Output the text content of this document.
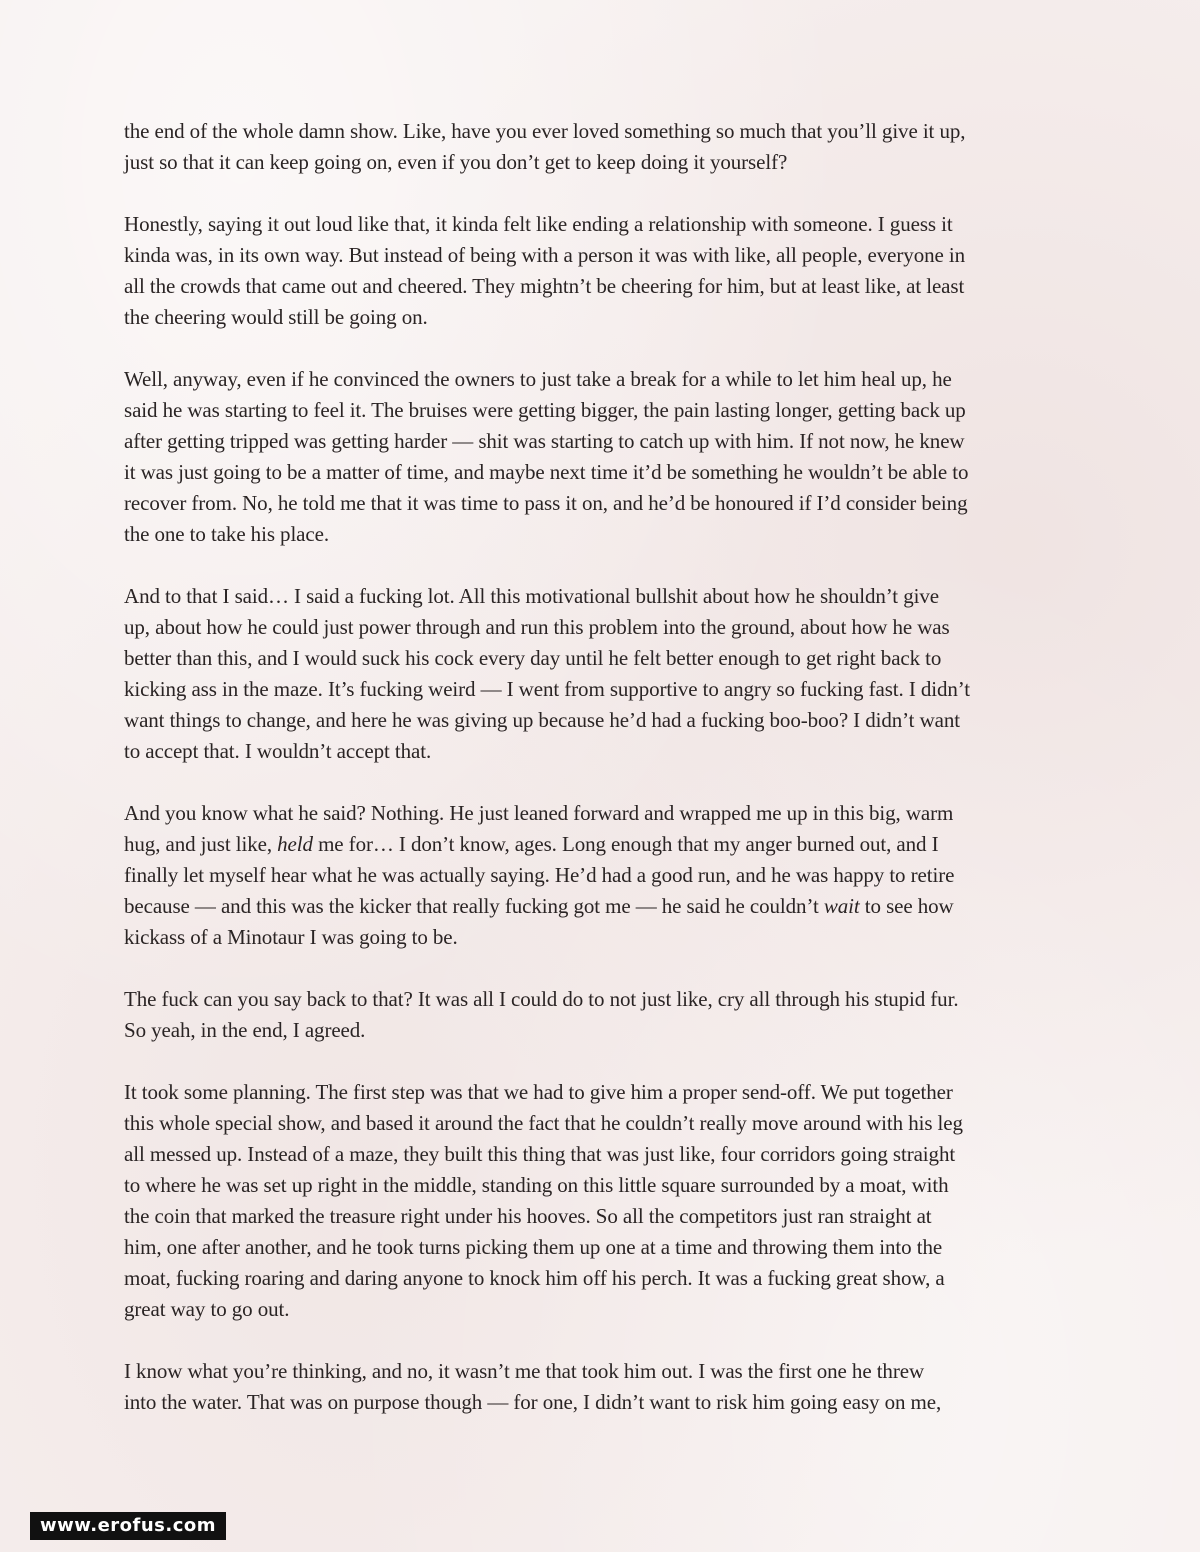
the end of the whole damn show. Like, have you ever loved something so much that you’ll give it up,
just so that it can keep going on, even if you don’t get to keep doing it yourself?

Honestly, saying it out loud like that, it kinda felt like ending a relationship with someone. I guess it
kinda was, in its own way. But instead of being with a person it was with like, all people, everyone in
all the crowds that came out and cheered. They mightn’t be cheering for him, but at least like, at least
the cheering would still be going on.

Well, anyway, even if he convinced the owners to just take a break for a while to let him heal up, he
said he was starting to feel it. The bruises were getting bigger, the pain lasting longer, getting back up
after getting tripped was getting harder — shit was starting to catch up with him. If not now, he knew
it was just going to be a matter of time, and maybe next time it’d be something he wouldn’t be able to
recover from. No, he told me that it was time to pass it on, and he’d be honoured if I’d consider being
the one to take his place.

And to that I said… I said a fucking lot. All this motivational bullshit about how he shouldn’t give
up, about how he could just power through and run this problem into the ground, about how he was
better than this, and I would suck his cock every day until he felt better enough to get right back to
kicking ass in the maze. It’s fucking weird — I went from supportive to angry so fucking fast. I didn’t
want things to change, and here he was giving up because he’d had a fucking boo-boo? I didn’t want
to accept that. I wouldn’t accept that.

And you know what he said? Nothing. He just leaned forward and wrapped me up in this big, warm
hug, and just like, held me for… I don’t know, ages. Long enough that my anger burned out, and I
finally let myself hear what he was actually saying. He’d had a good run, and he was happy to retire
because — and this was the kicker that really fucking got me — he said he couldn’t wait to see how
kickass of a Minotaur I was going to be.

The fuck can you say back to that? It was all I could do to not just like, cry all through his stupid fur.
So yeah, in the end, I agreed.

It took some planning. The first step was that we had to give him a proper send-off. We put together
this whole special show, and based it around the fact that he couldn’t really move around with his leg
all messed up. Instead of a maze, they built this thing that was just like, four corridors going straight
to where he was set up right in the middle, standing on this little square surrounded by a moat, with
the coin that marked the treasure right under his hooves. So all the competitors just ran straight at
him, one after another, and he took turns picking them up one at a time and throwing them into the
moat, fucking roaring and daring anyone to knock him off his perch. It was a fucking great show, a
great way to go out.

I know what you’re thinking, and no, it wasn’t me that took him out. I was the first one he threw
into the water. That was on purpose though — for one, I didn’t want to risk him going easy on me,

www.erofus.com
